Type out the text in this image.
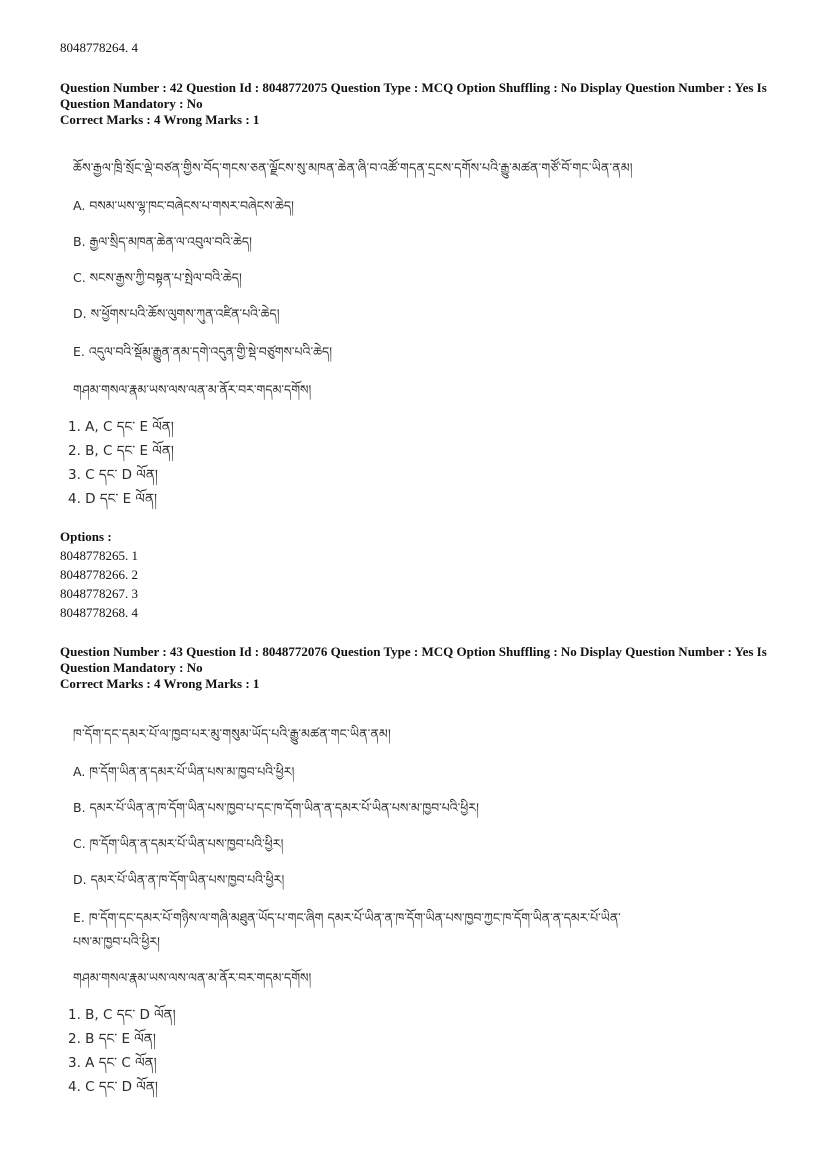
8048778264. 4
Question Number : 42 Question Id : 8048772075 Question Type : MCQ Option Shuffling : No Display Question Number : Yes Is
Question Mandatory : No
Correct Marks : 4 Wrong Marks : 1
ཆོས་རྒྱལ་ཁྲི་སྲོང་ལྡེ་བཙན་གྱིས་བོད་གངས་ཅན་ལྗོངས་སུ་མཁན་ཆེན་ཞི་བ་འཚོ་གདན་དྲངས་དགོས་པའི་རྒྱུ་མཚན་གཙོ་བོ་གང་ཡིན་ནམ།
A. བསམ་ཡས་ལྷ་ཁང་བཞེངས་པ་གསར་བཞེངས་ཆེད།
B. རྒྱལ་སྲིད་མཁན་ཆེན་ལ་འབུལ་བའི་ཆེད།
C. སངས་རྒྱས་ཀྱི་བསྟན་པ་སྤེལ་བའི་ཆེད།
D. ས་ཕྱོགས་པའི་ཆོས་ལུགས་ཀུན་འཛིན་པའི་ཆེད།
E. འདུལ་བའི་སྡོམ་རྒྱུན་ནམ་དགེ་འདུན་གྱི་སྡེ་བཙུགས་པའི་ཆེད།
གཤམ་གསལ་རྣམ་ཡས་ལས་ལན་མ་ནོར་བར་གདམ་དགོས།
1. A, C དང་ E ལོན།
2. B, C དང་ E ལོན།
3. C དང་ D ལོན།
4. D དང་ E ལོན།
Options :
8048778265. 1
8048778266. 2
8048778267. 3
8048778268. 4
Question Number : 43 Question Id : 8048772076 Question Type : MCQ Option Shuffling : No Display Question Number : Yes Is
Question Mandatory : No
Correct Marks : 4 Wrong Marks : 1
ཁ་དོག་དང་དམར་པོ་ལ་ཁྱབ་པར་མུ་གསུམ་ཡོད་པའི་རྒྱུ་མཚན་གང་ཡིན་ནམ།
A. ཁ་དོག་ཡིན་ན་དམར་པོ་ཡིན་པས་མ་ཁྱབ་པའི་ཕྱིར།
B. དམར་པོ་ཡིན་ན་ཁ་དོག་ཡིན་པས་ཁྱབ་པ་དང་ཁ་དོག་ཡིན་ན་དམར་པོ་ཡིན་པས་མ་ཁྱབ་པའི་ཕྱིར།
C. ཁ་དོག་ཡིན་ན་དམར་པོ་ཡིན་པས་ཁྱབ་པའི་ཕྱིར།
D. དམར་པོ་ཡིན་ན་ཁ་དོག་ཡིན་པས་ཁྱབ་པའི་ཕྱིར།
E. ཁ་དོག་དང་དམར་པོ་གཉིས་ལ་གཞི་མཐུན་ཡོད་པ་གང་ཞིག དམར་པོ་ཡིན་ན་ཁ་དོག་ཡིན་པས་ཁྱབ་ཀྱང་ཁ་དོག་ཡིན་ན་དམར་པོ་ཡིན་
པས་མ་ཁྱབ་པའི་ཕྱིར།
གཤམ་གསལ་རྣམ་ཡས་ལས་ལན་མ་ནོར་བར་གདམ་དགོས།
1. B, C དང་ D ལོན།
2. B དང་ E ལོན།
3. A དང་ C ལོན།
4. C དང་ D ལོན།
